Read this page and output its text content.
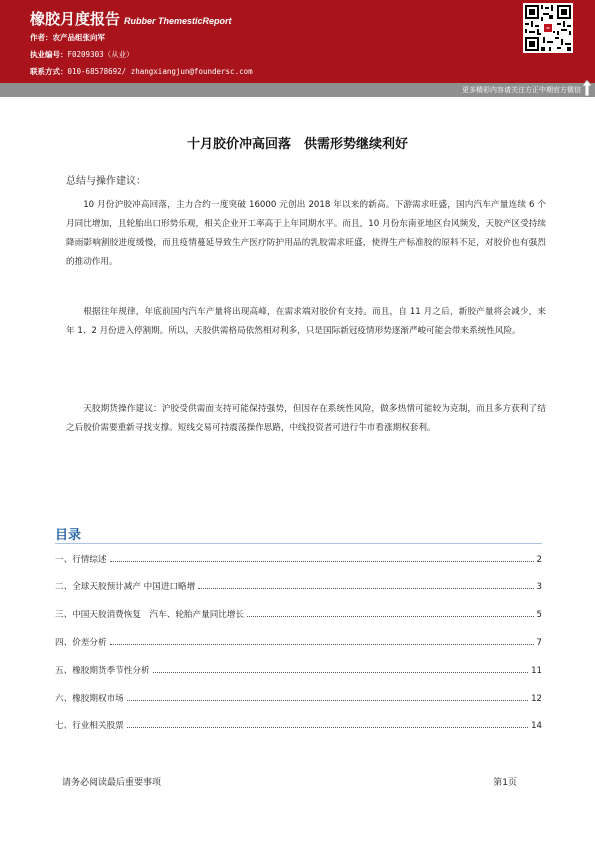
橡胶月度报告 Rubber ThemesticReport
作者：农产品组张向军
执业编号：F0209303（从业）
联系方式：010-68578692/ zhangxiangjun@foundersc.com
更多精彩内容请关注方正中期官方微信
十月胶价冲高回落　供需形势继续利好
总结与操作建议：

10 月份沪胶冲高回落，主力合约一度突破 16000 元创出 2018 年以来的新高。下游需求旺盛，国内汽车产量连续 6 个月同比增加，且轮胎出口形势乐观，相关企业开工率高于上年同期水平。而且，10 月份东南亚地区台风频发，天胶产区受持续降雨影响割胶进度缓慢，而且疫情蔓延导致生产医疗防护用品的乳胶需求旺盛，使得生产标准胶的原料不足，对胶价也有强烈的推动作用。

根据往年规律，年底前国内汽车产量将出现高峰，在需求端对胶价有支持。而且，自 11 月之后，新胶产量将会减少，来年 1、2 月份进入停割期。所以，天胶供需格局依然相对利多，只是国际新冠疫情形势逐渐严峻可能会带来系统性风险。

天胶期货操作建议：沪胶受供需面支持可能保持强势，但因存在系统性风险，做多热情可能较为克制，而且多方获利了结之后胶价需要重新寻找支撑。短线交易可持震荡操作思路，中线投资者可进行牛市看涨期权套利。

目录
一、行情综述	2
二、全球天胶预计减产 中国进口略增	3
三、中国天胶消费恢复　汽车、轮胎产量同比增长	5
四、价差分析	7
五、橡胶期货季节性分析	11
六、橡胶期权市场	12
七、行业相关股票	14
请务必阅读最后重要事项	第1页
